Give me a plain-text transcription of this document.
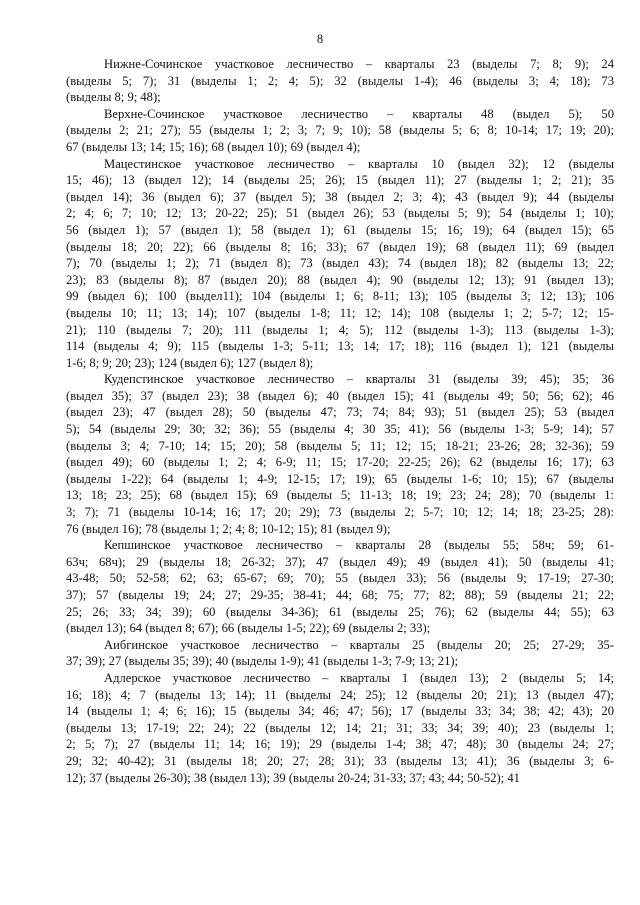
8
Нижне-Сочинское участковое лесничество – кварталы 23 (выделы 7; 8; 9); 24
(выделы 5; 7); 31 (выделы 1; 2; 4; 5); 32 (выделы 1-4); 46 (выделы 3; 4; 18); 73
(выделы 8; 9; 48);
Верхне-Сочинское участковое лесничество – кварталы 48 (выдел 5); 50
(выделы 2; 21; 27); 55 (выделы 1; 2; 3; 7; 9; 10); 58 (выделы 5; 6; 8; 10-14; 17; 19; 20);
67 (выделы 13; 14; 15; 16); 68 (выдел 10); 69 (выдел 4);
Мацестинское участковое лесничество – кварталы 10 (выдел 32); 12 (выделы
15; 46); 13 (выдел 12); 14 (выделы 25; 26); 15 (выдел 11); 27 (выделы 1; 2; 21); 35
(выдел 14); 36 (выдел 6); 37 (выдел 5); 38 (выдел 2; 3; 4); 43 (выдел 9); 44 (выделы
2; 4; 6; 7; 10; 12; 13; 20-22; 25); 51 (выдел 26); 53 (выделы 5; 9); 54 (выделы 1; 10);
56 (выдел 1); 57 (выдел 1); 58 (выдел 1); 61 (выделы 15; 16; 19); 64 (выдел 15); 65
(выделы 18; 20; 22); 66 (выделы 8; 16; 33); 67 (выдел 19); 68 (выдел 11); 69 (выдел
7); 70 (выделы 1; 2); 71 (выдел 8); 73 (выдел 43); 74 (выдел 18); 82 (выделы 13; 22;
23); 83 (выделы 8); 87 (выдел 20); 88 (выдел 4); 90 (выделы 12; 13); 91 (выдел 13);
99 (выдел 6); 100 (выдел11); 104 (выделы 1; 6; 8-11; 13); 105 (выделы 3; 12; 13); 106
(выделы 10; 11; 13; 14); 107 (выделы 1-8; 11; 12; 14); 108 (выделы 1; 2; 5-7; 12; 15-
21); 110 (выделы 7; 20); 111 (выделы 1; 4; 5); 112 (выделы 1-3); 113 (выделы 1-3);
114 (выделы 4; 9); 115 (выделы 1-3; 5-11; 13; 14; 17; 18); 116 (выдел 1); 121 (выделы
1-6; 8; 9; 20; 23); 124 (выдел 6); 127 (выдел 8);
Кудепстинское участковое лесничество – кварталы 31 (выделы 39; 45); 35; 36
(выдел 35); 37 (выдел 23); 38 (выдел 6); 40 (выдел 15); 41 (выделы 49; 50; 56; 62); 46
(выдел 23); 47 (выдел 28); 50 (выделы 47; 73; 74; 84; 93); 51 (выдел 25); 53 (выдел
5); 54 (выделы 29; 30; 32; 36); 55 (выделы 4; 30 35; 41); 56 (выделы 1-3; 5-9; 14); 57
(выделы 3; 4; 7-10; 14; 15; 20); 58 (выделы 5; 11; 12; 15; 18-21; 23-26; 28; 32-36); 59
(выдел 49); 60 (выделы 1; 2; 4; 6-9; 11; 15; 17-20; 22-25; 26); 62 (выделы 16; 17); 63
(выделы 1-22); 64 (выделы 1; 4-9; 12-15; 17; 19); 65 (выделы 1-6; 10; 15); 67 (выделы
13; 18; 23; 25); 68 (выдел 15); 69 (выделы 5; 11-13; 18; 19; 23; 24; 28); 70 (выделы 1:
3; 7); 71 (выделы 10-14; 16; 17; 20; 29); 73 (выделы 2; 5-7; 10; 12; 14; 18; 23-25; 28):
76 (выдел 16); 78 (выделы 1; 2; 4; 8; 10-12; 15); 81 (выдел 9);
Кепшинское участковое лесничество – кварталы 28 (выделы 55; 58ч; 59; 61-
63ч; 68ч); 29 (выделы 18; 26-32; 37); 47 (выдел 49); 49 (выдел 41); 50 (выделы 41;
43-48; 50; 52-58; 62; 63; 65-67; 69; 70); 55 (выдел 33); 56 (выделы 9; 17-19; 27-30;
37); 57 (выделы 19; 24; 27; 29-35; 38-41; 44; 68; 75; 77; 82; 88); 59 (выделы 21; 22;
25; 26; 33; 34; 39); 60 (выделы 34-36); 61 (выделы 25; 76); 62 (выделы 44; 55); 63
(выдел 13); 64 (выдел 8; 67); 66 (выделы 1-5; 22); 69 (выделы 2; 33);
Аибгинское участковое лесничество – кварталы 25 (выделы 20; 25; 27-29; 35-
37; 39); 27 (выделы 35; 39); 40 (выделы 1-9); 41 (выделы 1-3; 7-9; 13; 21);
Адлерское участковое лесничество – кварталы 1 (выдел 13); 2 (выделы 5; 14;
16; 18); 4; 7 (выделы 13; 14); 11 (выделы 24; 25); 12 (выделы 20; 21); 13 (выдел 47);
14 (выделы 1; 4; 6; 16); 15 (выделы 34; 46; 47; 56); 17 (выделы 33; 34; 38; 42; 43); 20
(выделы 13; 17-19; 22; 24); 22 (выделы 12; 14; 21; 31; 33; 34; 39; 40); 23 (выделы 1;
2; 5; 7); 27 (выделы 11; 14; 16; 19); 29 (выделы 1-4; 38; 47; 48); 30 (выделы 24; 27;
29; 32; 40-42); 31 (выделы 18; 20; 27; 28; 31); 33 (выделы 13; 41); 36 (выделы 3; 6-
12); 37 (выделы 26-30); 38 (выдел 13); 39 (выделы 20-24; 31-33; 37; 43; 44; 50-52); 41
